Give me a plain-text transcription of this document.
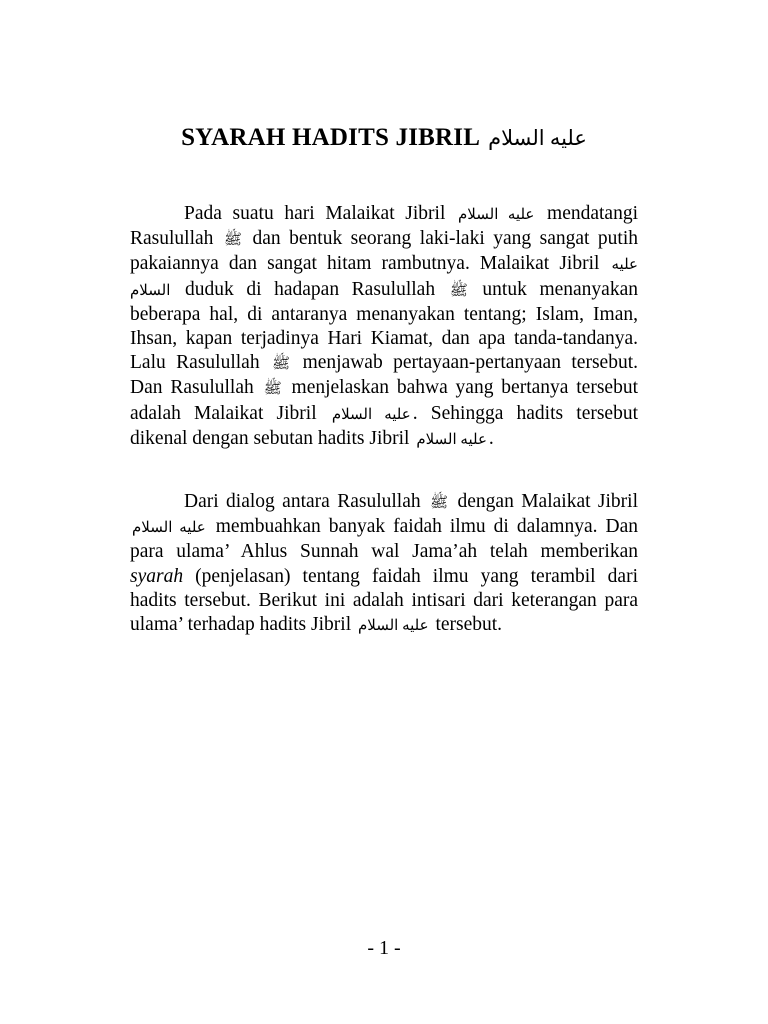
SYARAH HADITS JIBRIL عليه السلام

Pada suatu hari Malaikat Jibril عليه السلام mendatangi Rasulullah ﷺ dan bentuk seorang laki-laki yang sangat putih pakaiannya dan sangat hitam rambutnya. Malaikat Jibril عليه السلام duduk di hadapan Rasulullah ﷺ untuk menanyakan beberapa hal, di antaranya menanyakan tentang; Islam, Iman, Ihsan, kapan terjadinya Hari Kiamat, dan apa tanda-tandanya. Lalu Rasulullah ﷺ menjawab pertayaan-pertanyaan tersebut. Dan Rasulullah ﷺ menjelaskan bahwa yang bertanya tersebut adalah Malaikat Jibril عليه السلام . Sehingga hadits tersebut dikenal dengan sebutan hadits Jibril عليه السلام .

Dari dialog antara Rasulullah ﷺ dengan Malaikat Jibril عليه السلام membuahkan banyak faidah ilmu di dalamnya. Dan para ulama’ Ahlus Sunnah wal Jama’ah telah memberikan syarah (penjelasan) tentang faidah ilmu yang terambil dari hadits tersebut. Berikut ini adalah intisari dari keterangan para ulama’ terhadap hadits Jibril عليه السلام tersebut.

- 1 -
